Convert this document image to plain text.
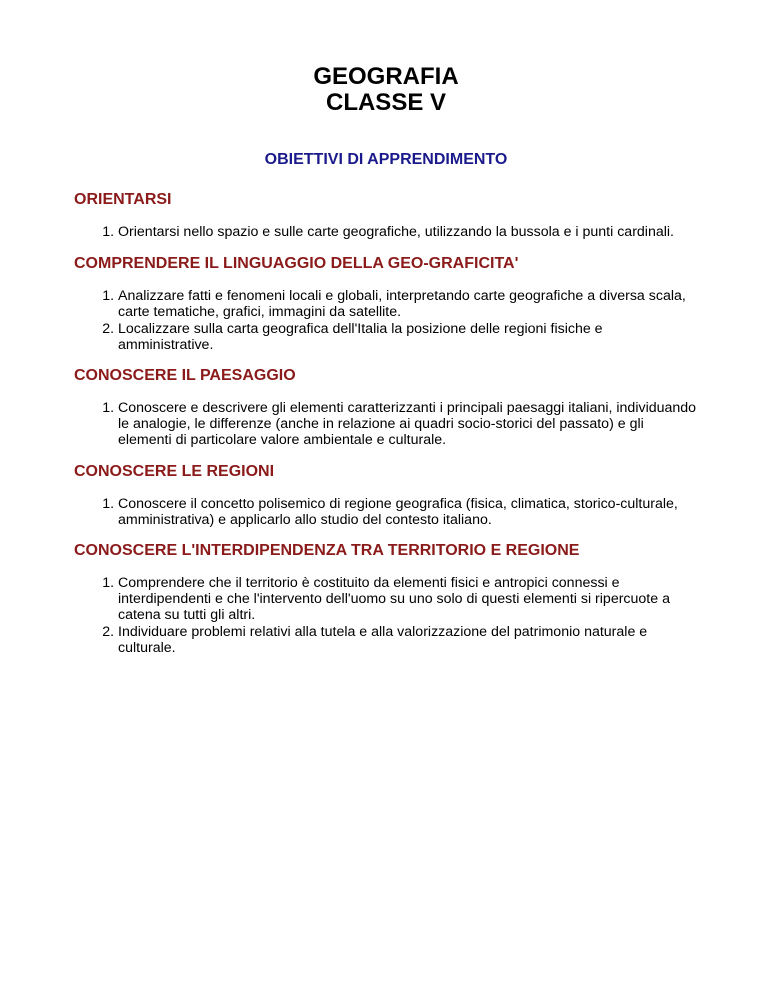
GEOGRAFIA
CLASSE V
OBIETTIVI DI APPRENDIMENTO
ORIENTARSI
1. Orientarsi nello spazio e sulle carte geografiche, utilizzando la bussola e i punti cardinali.
COMPRENDERE IL LINGUAGGIO DELLA GEO-GRAFICITA'
1. Analizzare fatti e fenomeni locali e globali, interpretando carte geografiche a diversa scala, carte tematiche, grafici, immagini da satellite.
2. Localizzare sulla carta geografica dell'Italia la posizione delle regioni fisiche e amministrative.
CONOSCERE IL PAESAGGIO
1. Conoscere e descrivere gli elementi caratterizzanti i principali paesaggi italiani, individuando le analogie, le differenze (anche in relazione ai quadri socio-storici del passato) e gli elementi di particolare valore ambientale e culturale.
CONOSCERE LE REGIONI
1. Conoscere il concetto polisemico di regione geografica (fisica, climatica, storico-culturale, amministrativa) e applicarlo allo studio del contesto italiano.
CONOSCERE L'INTERDIPENDENZA TRA TERRITORIO E REGIONE
1. Comprendere che il territorio è costituito da elementi fisici e antropici connessi e interdipendenti e che l'intervento dell'uomo su uno solo di questi elementi si ripercuote a catena su tutti gli altri.
2. Individuare problemi relativi alla tutela e alla valorizzazione del patrimonio naturale e culturale.
